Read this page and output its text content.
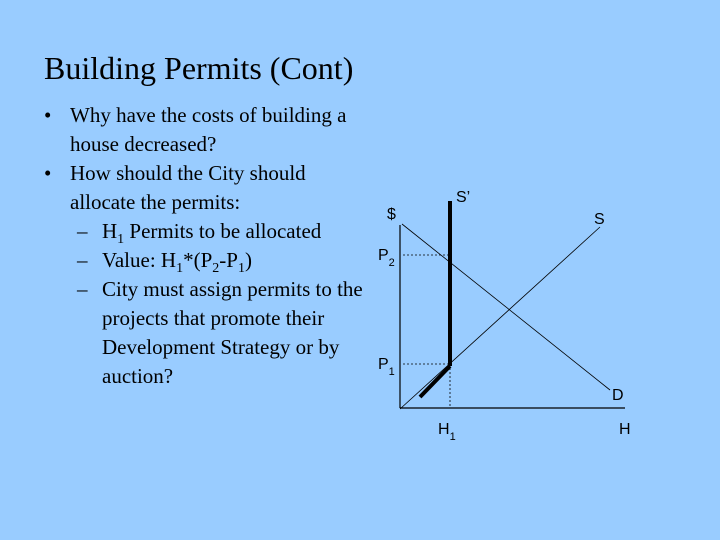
Building Permits (Cont)
• Why have the costs of building a house decreased?
• How should the City should allocate the permits:
– $H_1$ Permits to be allocated
– Value: $H_1*(P_2-P_1)$
– City must assign permits to the projects that promote their Development Strategy or by auction?
$
S’
S
D
H
$P_2$
$P_1$
$H_1$
